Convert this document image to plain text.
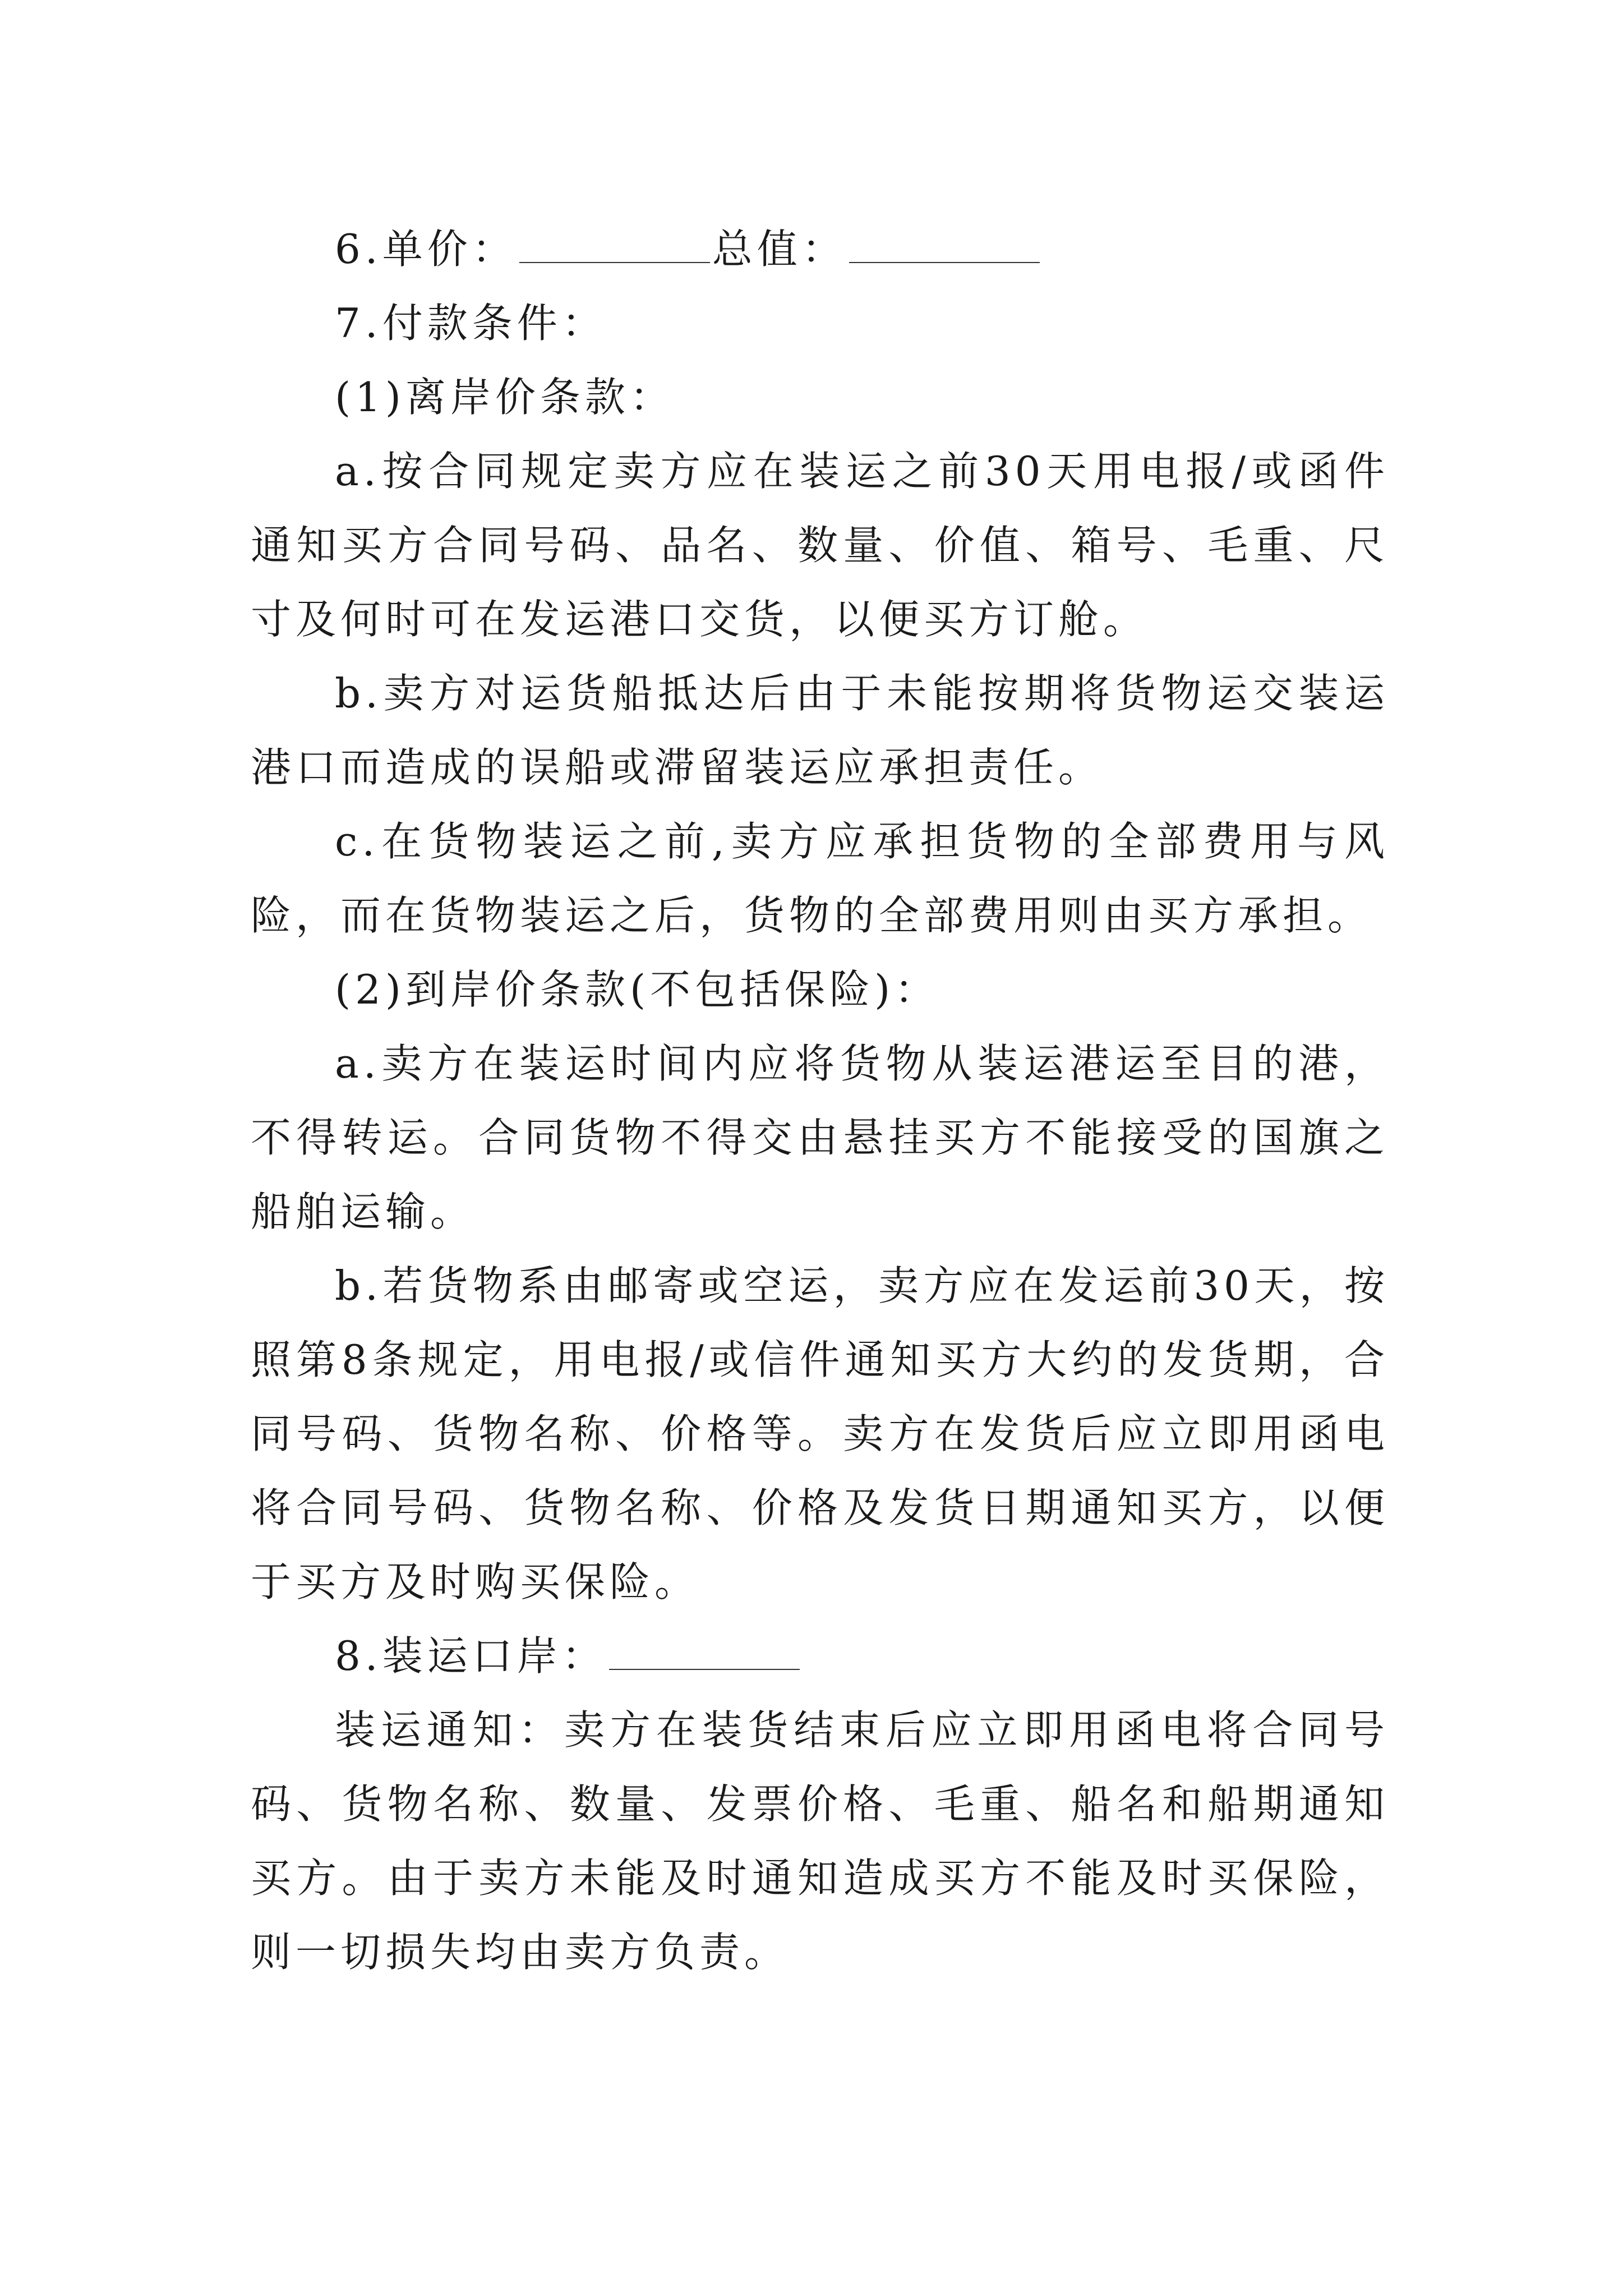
6.单价：	总值：

7.付款条件：

(1)离岸价条款：

a.按合同规定卖方应在装运之前30天用电报/或函件通知买方合同号码、品名、数量、价值、箱号、毛重、尺寸及何时可在发运港口交货，以便买方订舱。

b.卖方对运货船抵达后由于未能按期将货物运交装运港口而造成的误船或滞留装运应承担责任。

c.在货物装运之前,卖方应承担货物的全部费用与风险，而在货物装运之后，货物的全部费用则由买方承担。

(2)到岸价条款(不包括保险)：

a.卖方在装运时间内应将货物从装运港运至目的港，不得转运。合同货物不得交由悬挂买方不能接受的国旗之船舶运输。

b.若货物系由邮寄或空运，卖方应在发运前30天，按照第8条规定，用电报/或信件通知买方大约的发货期，合同号码、货物名称、价格等。卖方在发货后应立即用函电将合同号码、货物名称、价格及发货日期通知买方，以便于买方及时购买保险。

8.装运口岸：

装运通知：卖方在装货结束后应立即用函电将合同号码、货物名称、数量、发票价格、毛重、船名和船期通知买方。由于卖方未能及时通知造成买方不能及时买保险，则一切损失均由卖方负责。
